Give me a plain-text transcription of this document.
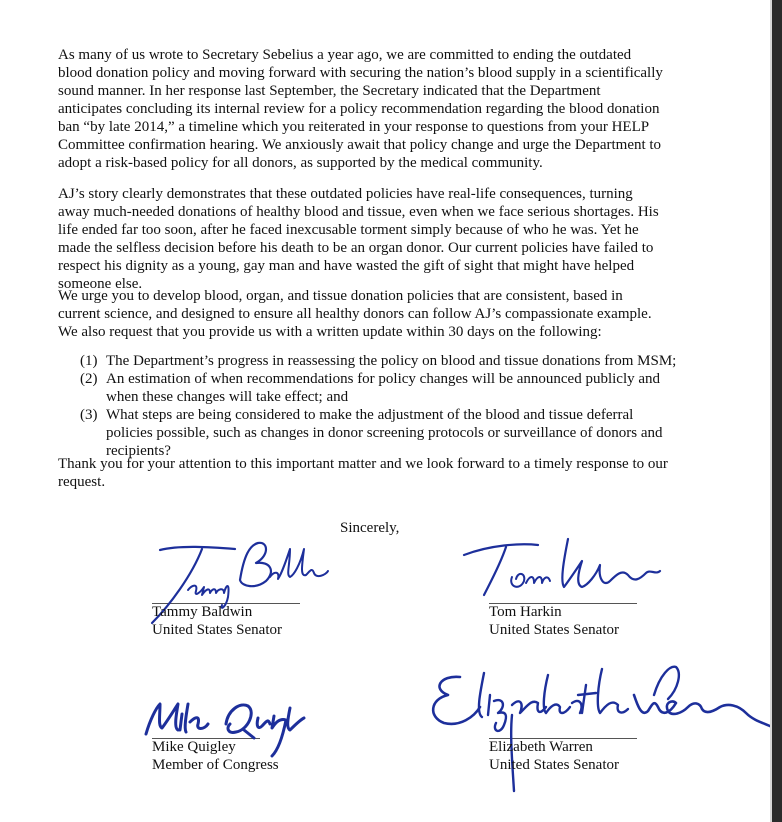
As many of us wrote to Secretary Sebelius a year ago, we are committed to ending the outdated blood donation policy and moving forward with securing the nation’s blood supply in a scientifically sound manner. In her response last September, the Secretary indicated that the Department anticipates concluding its internal review for a policy recommendation regarding the blood donation ban “by late 2014,” a timeline which you reiterated in your response to questions from your HELP Committee confirmation hearing. We anxiously await that policy change and urge the Department to adopt a risk-based policy for all donors, as supported by the medical community.

AJ’s story clearly demonstrates that these outdated policies have real-life consequences, turning away much-needed donations of healthy blood and tissue, even when we face serious shortages. His life ended far too soon, after he faced inexcusable torment simply because of who he was. Yet he made the selfless decision before his death to be an organ donor. Our current policies have failed to respect his dignity as a young, gay man and have wasted the gift of sight that might have helped someone else.

We urge you to develop blood, organ, and tissue donation policies that are consistent, based in current science, and designed to ensure all healthy donors can follow AJ’s compassionate example. We also request that you provide us with a written update within 30 days on the following:

(1) The Department’s progress in reassessing the policy on blood and tissue donations from MSM;
(2) An estimation of when recommendations for policy changes will be announced publicly and when these changes will take effect; and
(3) What steps are being considered to make the adjustment of the blood and tissue deferral policies possible, such as changes in donor screening protocols or surveillance of donors and recipients?

Thank you for your attention to this important matter and we look forward to a timely response to our request.

Sincerely,
Tammy Baldwin
United States Senator
Tom Harkin
United States Senator
Mike Quigley
Member of Congress
Elizabeth Warren
United States Senator
